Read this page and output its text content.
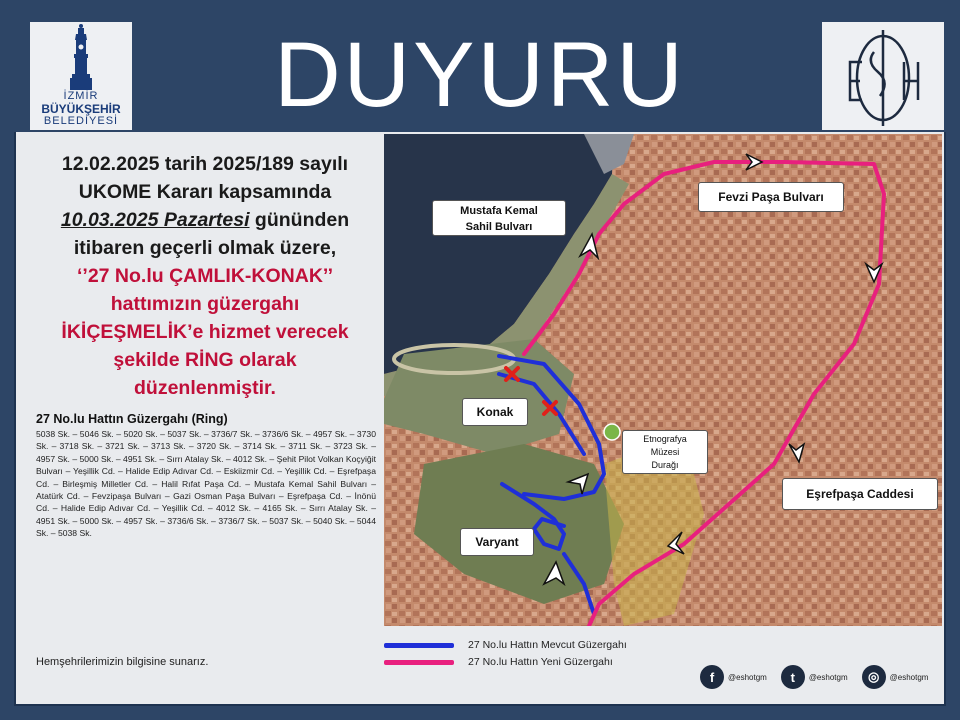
İZMİR
BÜYÜKŞEHİR
BELEDİYESİ	DUYURU
12.02.2025 tarih 2025/189 sayılı
UKOME Kararı kapsamında
10.03.2025 Pazartesi gününden
itibaren geçerli olmak üzere,
‘’27 No.lu ÇAMLIK-KONAK’’
hattımızın güzergahı
İKİÇEŞMELİK’e hizmet verecek
şekilde RİNG olarak
düzenlenmiştir.
27 No.lu Hattın Güzergahı (Ring)
5038 Sk. – 5046 Sk. – 5020 Sk. – 5037 Sk. – 3736/7 Sk. – 3736/6 Sk. – 4957 Sk. – 3730 Sk. – 3718 Sk. – 3721 Sk. – 3713 Sk. – 3720 Sk. – 3714 Sk. – 3711 Sk. – 3723 Sk. – 4957 Sk. – 5000 Sk. – 4951 Sk. – Sırrı Atalay Sk. – 4012 Sk. – Şehit Pilot Volkan Koçyiğit Bulvarı – Yeşillik Cd. – Halide Edip Adıvar Cd. – Eskiizmir Cd. – Yeşillik Cd. – Eşrefpaşa Cd. – Birleşmiş Milletler Cd. – Halil Rıfat Paşa Cd. – Mustafa Kemal Sahil Bulvarı – Atatürk Cd. – Fevzipaşa Bulvarı – Gazi Osman Paşa Bulvarı – Eşrefpaşa Cd. – İnönü Cd. – Halide Edip Adıvar Cd. – Yeşillik Cd. – 4012 Sk. – 4165 Sk. – Sırrı Atalay Sk. – 4951 Sk. – 5000 Sk. – 4957 Sk. – 3736/6 Sk. – 3736/7 Sk. – 5037 Sk. – 5040 Sk. – 5044 Sk. – 5038 Sk.
Hemşehrilerimizin bilgisine sunarız.
Mustafa Kemal
Sahil Bulvarı
Fevzi Paşa Bulvarı
Konak
Etnografya
Müzesi
Durağı
Eşrefpaşa Caddesi
Varyant
27 No.lu Hattın Mevcut Güzergahı
27 No.lu Hattın Yeni Güzergahı
f	@eshotgm	t	@eshotgm	◎	@eshotgm
